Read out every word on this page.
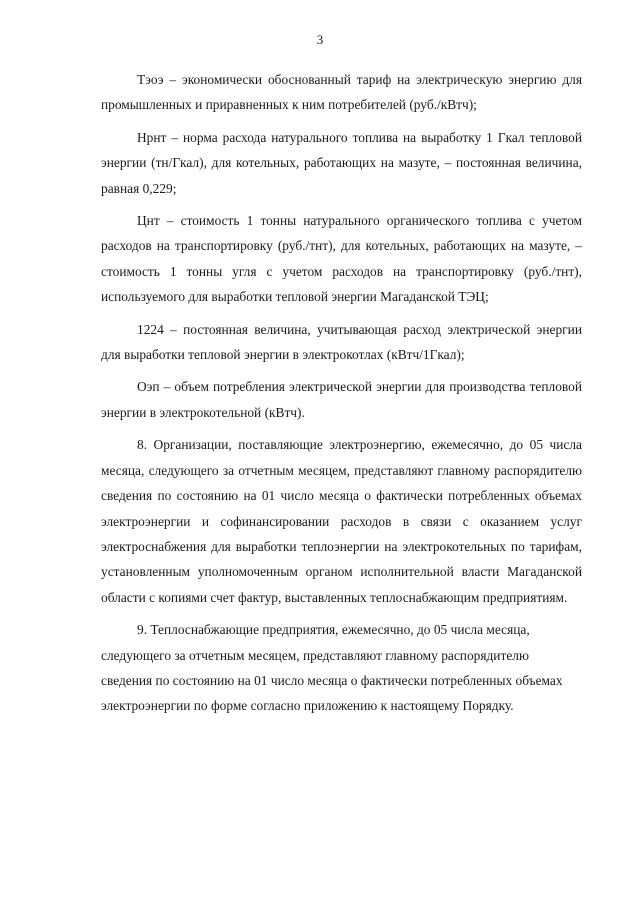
3

Тэоэ – экономически обоснованный тариф на электрическую энергию для промышленных и приравненных к ним потребителей (руб./кВтч);

Нрнт – норма расхода натурального топлива на выработку 1 Гкал тепловой энергии (тн/Гкал), для котельных, работающих на мазуте, – постоянная величина, равная 0,229;

Цнт – стоимость 1 тонны натурального органического топлива с учетом расходов на транспортировку (руб./тнт), для котельных, работающих на мазуте, – стоимость 1 тонны угля с учетом расходов на транспортировку (руб./тнт), используемого для выработки тепловой энергии Магаданской ТЭЦ;

1224 – постоянная величина, учитывающая расход электрической энергии для выработки тепловой энергии в электрокотлах (кВтч/1Гкал);

Оэп – объем потребления электрической энергии для производства тепловой энергии в электрокотельной (кВтч).

8. Организации, поставляющие электроэнергию, ежемесячно, до 05 числа месяца, следующего за отчетным месяцем, представляют главному распорядителю сведения по состоянию на 01 число месяца о фактически потребленных объемах электроэнергии и софинансировании расходов в связи с оказанием услуг электроснабжения для выработки теплоэнергии на электрокотельных по тарифам, установленным уполномоченным органом исполнительной власти Магаданской области с копиями счет фактур, выставленных теплоснабжающим предприятиям.

9. Теплоснабжающие предприятия, ежемесячно, до 05 числа месяца, следующего за отчетным месяцем, представляют главному распорядителю сведения по состоянию на 01 число месяца о фактически потребленных объемах электроэнергии по форме согласно приложению к настоящему Порядку.
